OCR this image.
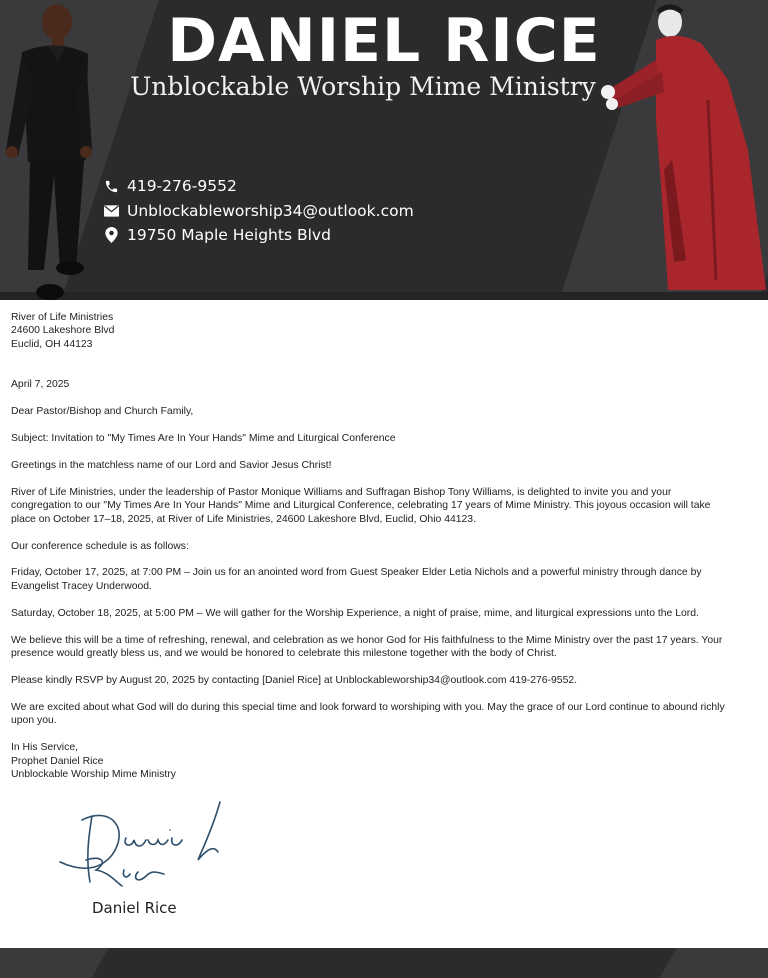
DANIEL RICE
Unblockable Worship Mime Ministry
419-276-9552
Unblockableworship34@outlook.com
19750 Maple Heights Blvd

River of Life Ministries

24600 Lakeshore Blvd

Euclid, OH 44123

April 7, 2025

Dear Pastor/Bishop and Church Family,

Subject: Invitation to "My Times Are In Your Hands" Mime and Liturgical Conference

Greetings in the matchless name of our Lord and Savior Jesus Christ!

River of Life Ministries, under the leadership of Pastor Monique Williams and Suffragan Bishop Tony Williams, is delighted to invite you and your congregation to our "My Times Are In Your Hands" Mime and Liturgical Conference, celebrating 17 years of Mime Ministry. This joyous occasion will take place on October 17–18, 2025, at River of Life Ministries, 24600 Lakeshore Blvd, Euclid, Ohio 44123.

Our conference schedule is as follows:

Friday, October 17, 2025, at 7:00 PM – Join us for an anointed word from Guest Speaker Elder Letia Nichols and a powerful ministry through dance by Evangelist Tracey Underwood.

Saturday, October 18, 2025, at 5:00 PM – We will gather for the Worship Experience, a night of praise, mime, and liturgical expressions unto the Lord.

We believe this will be a time of refreshing, renewal, and celebration as we honor God for His faithfulness to the Mime Ministry over the past 17 years. Your presence would greatly bless us, and we would be honored to celebrate this milestone together with the body of Christ.

Please kindly RSVP by August 20, 2025 by contacting [Daniel Rice] at Unblockableworship34@outlook.com 419-276-9552.

We are excited about what God will do during this special time and look forward to worshiping with you. May the grace of our Lord continue to abound richly upon you.

In His Service,

Prophet Daniel Rice

Unblockable Worship Mime Ministry

Daniel Rice
